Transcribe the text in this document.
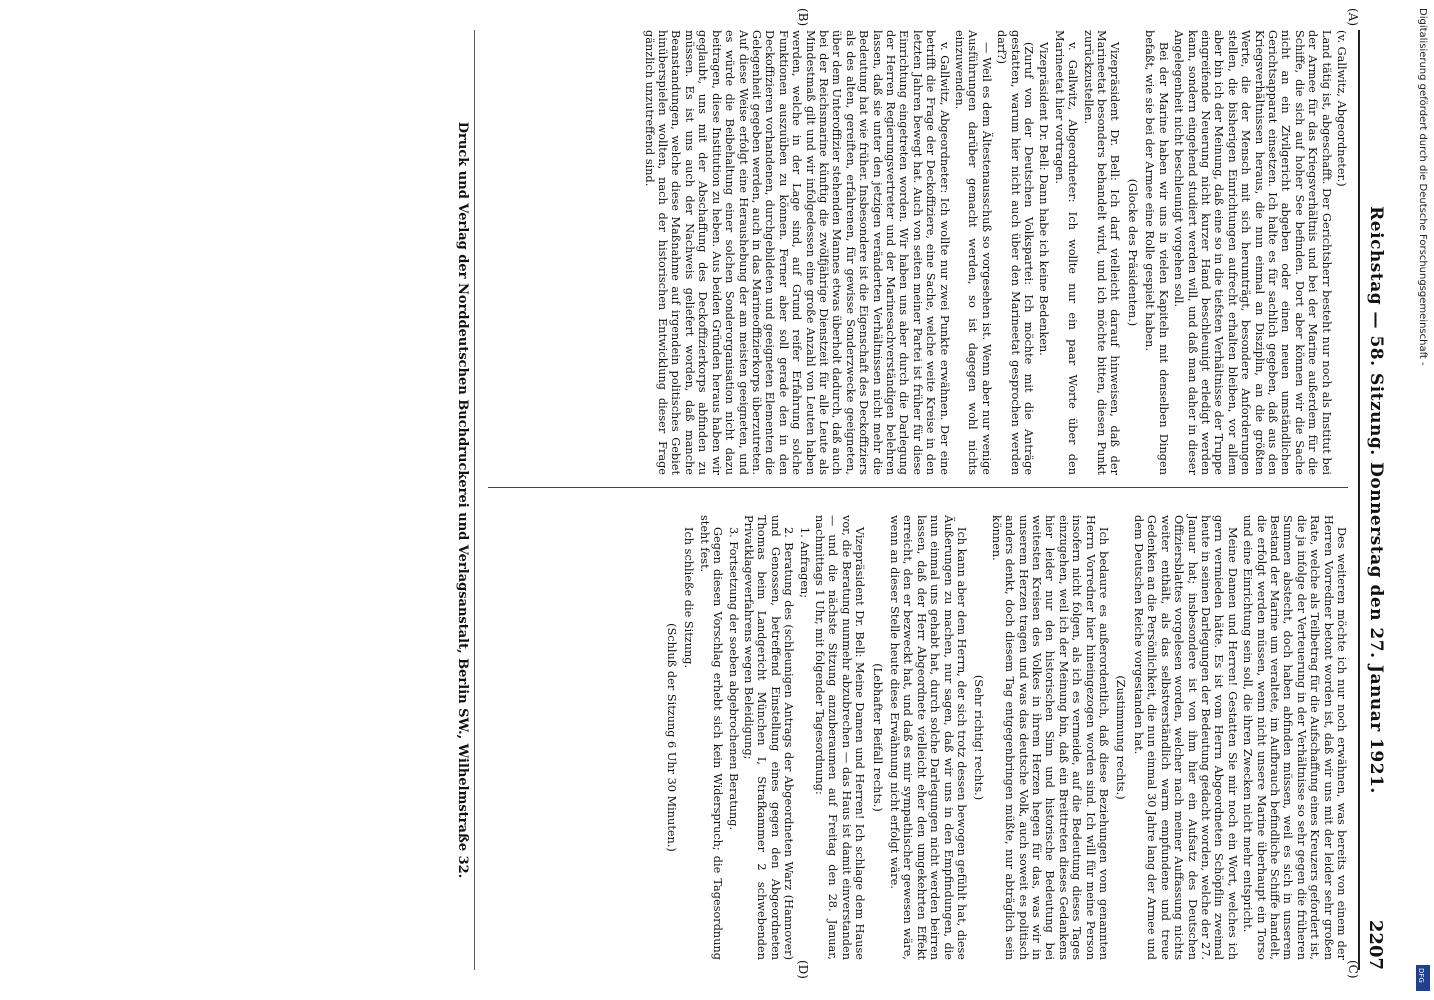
Reichstag — 58. Sitzung. Donnerstag den 27. Januar 1921.
2207
(A)
(B)
(C)
(D)

(v. Gallwitz, Abgeordneter.)

Land tätig ist, abgeschafft. Der Gerichtsherr besteht nur noch als Institut bei der Armee für das Kriegsverhältnis und bei der Marine außerdem für die Schiffe, die sich auf hoher See befinden. Dort aber können wir die Sache nicht an ein Zivilgericht abgeben oder einen neuen umständlichen Gerichtsapparat einsetzen. Ich halte es für sachlich gegeben, daß aus den Kriegsverhältnissen heraus, die nun einmal an Disziplin, an die größten Werte, die der Mensch mit sich herumträgt, besondere Anforderungen stellen, die bisherigen Einrichtungen aufrecht erhalten bleiben, vor allem aber bin ich der Meinung, daß eine so in die tiefsten Verhältnisse der Truppe eingreifende Neuerung nicht kurzer Hand beschleunigt erledigt werden kann, sondern eingehend studiert werden will, und daß man daher in dieser Angelegenheit nicht beschleunigt vorgehen soll.

Bei der Marine haben wir uns in vielen Kapiteln mit denselben Dingen befaßt, wie sie bei der Armee eine Rolle gespielt haben.

(Glocke des Präsidenten.)

Vizepräsident Dr. Bell: Ich darf vielleicht darauf hinweisen, daß der Marineetat besonders behandelt wird, und ich möchte bitten, diesen Punkt zurückzustellen.

v. Gallwitz, Abgeordneter: Ich wollte nur ein paar Worte über den Marineetat hier vortragen.

Vizepräsident Dr. Bell: Dann habe ich keine Bedenken.

(Zuruf von der Deutschen Volkspartei: Ich möchte mit die Anträge gestatten, warum hier nicht auch über den Marineetat gesprochen werden darf?)

— Weil es dem Ältestenausschuß so vorgesehen ist. Wenn aber nur wenige Ausführungen darüber gemacht werden, so ist dagegen wohl nichts einzuwenden.

v. Gallwitz, Abgeordneter: Ich wollte nur zwei Punkte erwähnen. Der eine betrifft die Frage der Deckoffiziere, eine Sache, welche weite Kreise in den letzten Jahren bewegt hat. Auch von seiten meiner Partei ist früher für diese Einrichtung eingetreten worden. Wir haben uns aber durch die Darlegung der Herren Regierungsvertreter und der Marinesachverständigen belehren lassen, daß sie unter den jetzigen veränderten Verhältnissen nicht mehr die Bedeutung hat wie früher. Insbesondere ist die Eigenschaft des Deckoffiziers als des alten, gereiften, erfahrenen, für gewisse Sonderzwecke geeigneten, über dem Unteroffizier stehenden Mannes etwas überholt dadurch, daß auch bei der Reichsmarine künftig die zwölfjährige Dienstzeit für alle Leute als Mindestmaß gilt und wir infolgedessen eine große Anzahl von Leuten haben werden, welche in der Lage sind, auf Grund reifer Erfahrung solche Funktionen auszuüben zu können. Ferner aber soll gerade den in den Deckoffizieren vorhandenen, durchgebildeten und geeigneten Elementen die Gelegenheit gegeben werden, auch in das Marineoffizierkorps überzutreten. Auf diese Weise erfolgt eine Heraushebung der am meisten geeigneten, und es würde die Beibehaltung einer solchen Sonderorganisation nicht dazu beitragen, diese Institution zu heben. Aus beiden Gründen heraus haben wir geglaubt, uns mit der Abschaffung des Deckoffizierkorps abfinden zu müssen. Es ist uns auch der Nachweis geliefert worden, daß manche Beanstandungen, welche diese Maßnahme auf irgendein politisches Gebiet hinüberspielen wollten, nach der historischen Entwicklung dieser Frage gänzlich unzutreffend sind.

Des weiteren möchte ich nur noch erwähnen, was bereits von einem der Herren Vorredner betont worden ist, daß wir uns mit der leider sehr großen Rate, welche als Teilbetrag für die Aufschaffung eines Kreuzers gefordert ist, die ja infolge der Verteuerung in der Verhältnisse so sehr gegen die früheren Summen abstecht, doch haben abfinden müssen, weil es sich in unserem Bestand der Marine um veraltete, im Aufbrauch befindliche Schiffe handelt, die erfolgt werden müssen, wenn nicht unsere Marine überhaupt ein Torso und eine Einrichtung sein soll, die ihren Zwecken nicht mehr entspricht.

Meine Damen und Herren! Gestatten Sie mir noch ein Wort, welches ich gern vermieden hätte. Es ist vom Herrn Abgeordneten Schöpflin zweimal heute in seinen Darlegungen der Bedeutung gedacht worden, welche der 27. Januar hat; insbesondere ist von ihm hier ein Aufsatz des Deutschen Offiziersblattes vorgelesen worden, welcher nach meiner Auffassung nichts weiter enthält, als das selbstverständlich warm empfundene und treue Gedenken an die Persönlichkeit, die nun einmal 30 Jahre lang der Armee und dem Deutschen Reiche vorgestanden hat.

(Zustimmung rechts.)

Ich bedaure es außerordentlich, daß diese Beziehungen vom genannten Herrn Vorredner hier hineingezogen worden sind. Ich will für meine Person insofern nicht folgen, als ich es vermeide, auf die Bedeutung dieses Tages einzugehen, weil ich der Meinung bin, daß ein Breittreten dieses Gedankens hier leider nur den historischen Sinn und historische Bedeutung bei weitesten Kreisen des Volkes in ihrem Herzen hegen für das, was wir in unserem Herzen tragen und was das deutsche Volk, auch soweit es politisch anders denkt, doch diesem Tag entgegenbringen müßte, nur abträglich sein können.

(Sehr richtig! rechts.)

Ich kann aber dem Herrn, der sich trotz dessen bewogen gefühlt hat, diese Äußerungen zu machen, nur sagen, daß wir uns in den Empfindungen, die nun einmal uns gehabt hat, durch solche Darlegungen nicht werden beirren lassen, daß der Herr Abgeordnete vielleicht eher den umgekehrten Effekt erreicht, den er bezweckt hat, und daß es mir sympathischer gewesen wäre, wenn an dieser Stelle heute diese Erwähnung nicht erfolgt wäre.

(Lebhafter Beifall rechts.)

Vizepräsident Dr. Bell: Meine Damen und Herren! Ich schlage dem Hause vor, die Beratung nunmehr abzubrechen — das Haus ist damit einverstanden — und die nächste Sitzung anzuberaumen auf Freitag den 28. Januar, nachmittags 1 Uhr, mit folgender Tagesordnung:

1. Anfragen;

2. Beratung des (schleunigen Antrags der Abgeordneten Warz (Hannover) und Genossen, betreffend Einstellung eines gegen den Abgeordneten Thomas beim Landgericht München I, Strafkammer 2 schwebenden Privatklageverfahrens wegen Beleidigung;

3. Fortsetzung der soeben abgebrochenen Beratung.

Gegen diesen Vorschlag erhebt sich kein Widerspruch; die Tagesordnung steht fest.

Ich schließe die Sitzung.

(Schluß der Sitzung 6 Uhr 30 Minuten.)

Druck und Verlag der Norddeutschen Buchdruckerei und Verlagsanstalt, Berlin SW., Wilhelmstraße 32.	Digitalisierung gefördert durch die Deutsche Forschungsgemeinschaft -
DFG
